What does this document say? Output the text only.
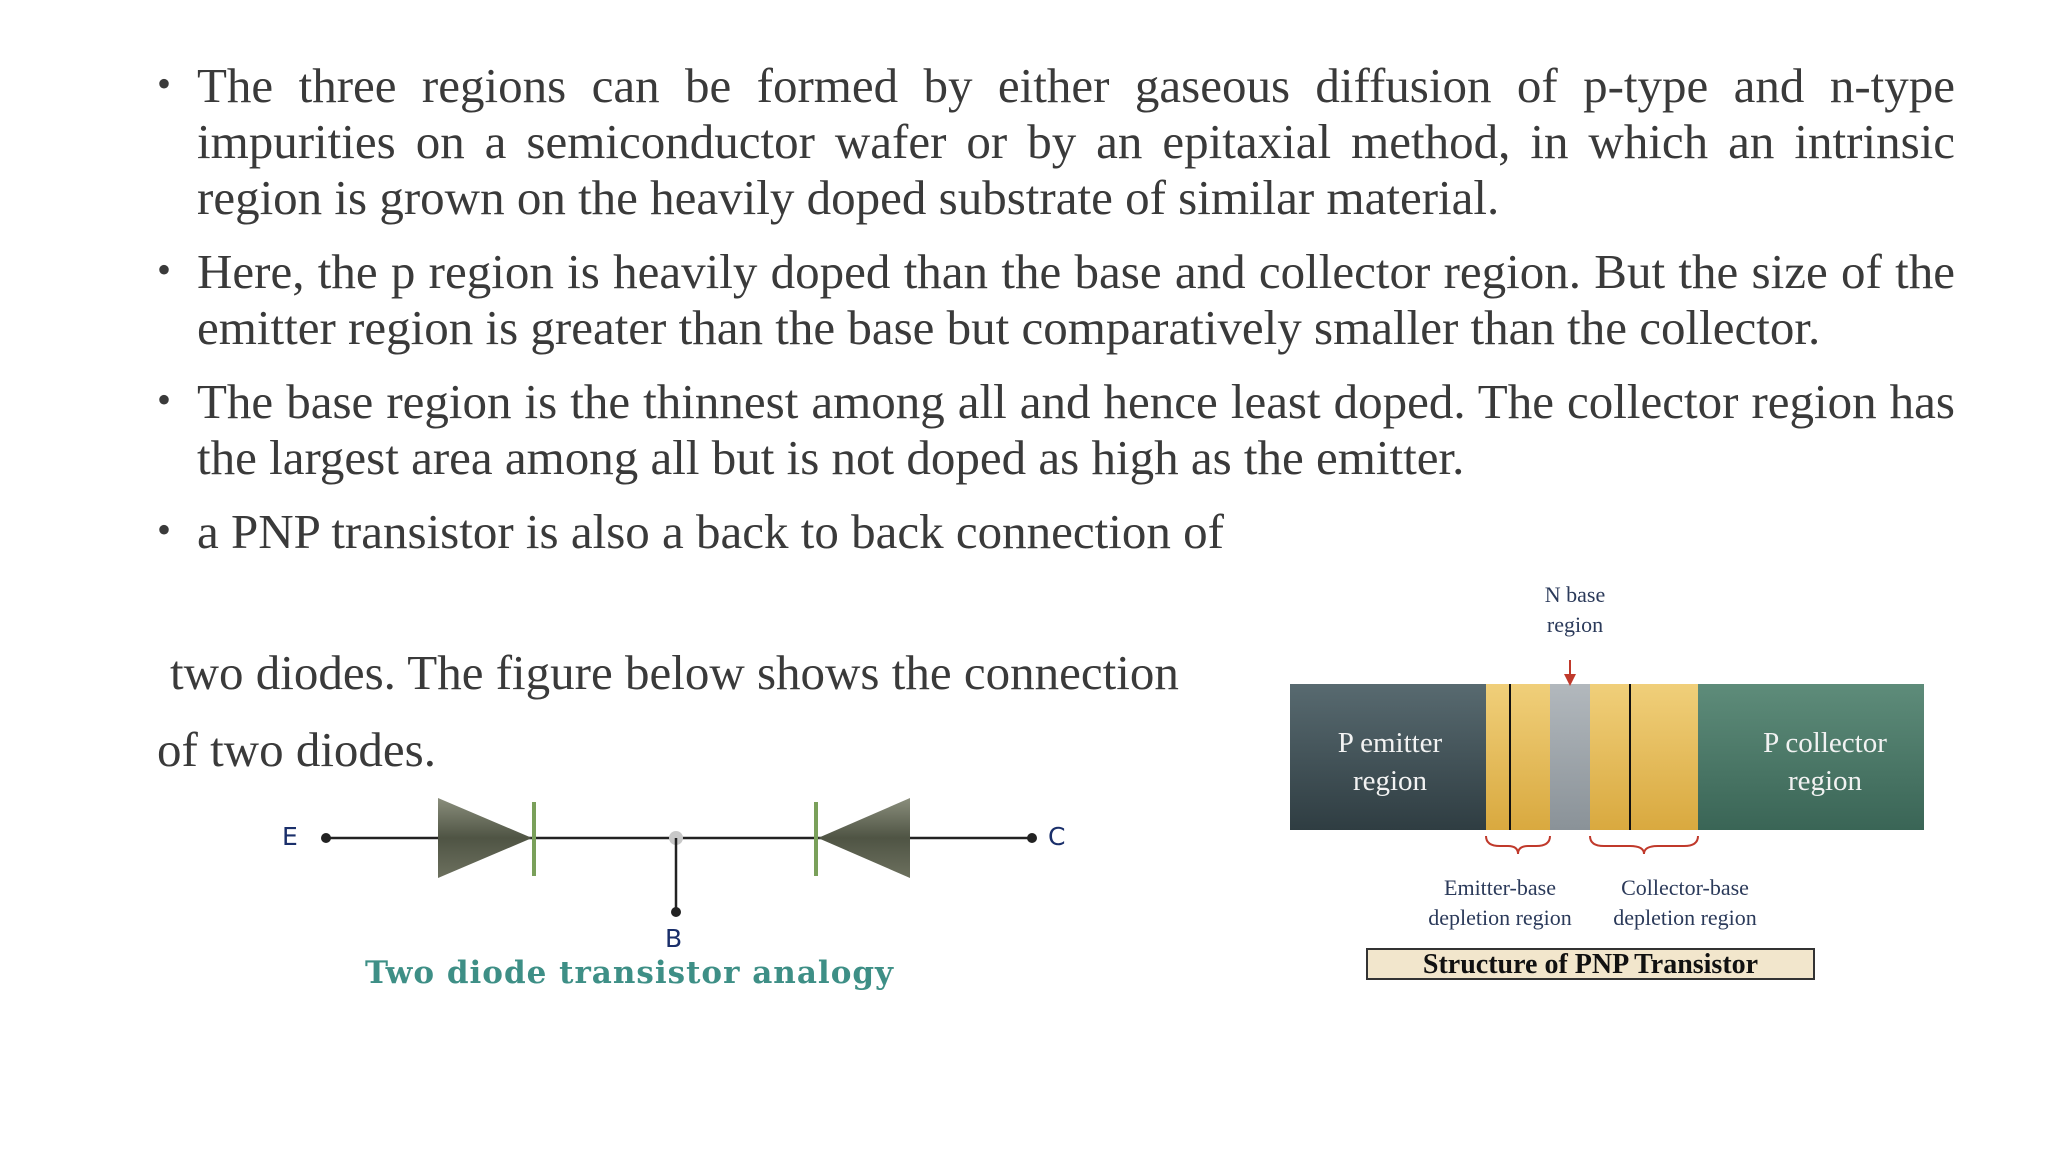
• The three regions can be formed by either gaseous diffusion of p-type and n-type impurities on a semiconductor wafer or by an epitaxial method, in which an intrinsic region is grown on the heavily doped substrate of similar material.
• Here, the p region is heavily doped than the base and collector region. But the size of the emitter region is greater than the base but comparatively smaller than the collector.
• The base region is the thinnest among all and hence least doped. The collector region has the largest area among all but is not doped as high as the emitter.
• a PNP transistor is also a back to back connection of
two diodes. The figure below shows the connection
of two diodes.
E	C
B
Two diode transistor analogy
N base
region
P emitter
region
P collector
region
Emitter-base
depletion region
Collector-base
depletion region
Structure of PNP Transistor
